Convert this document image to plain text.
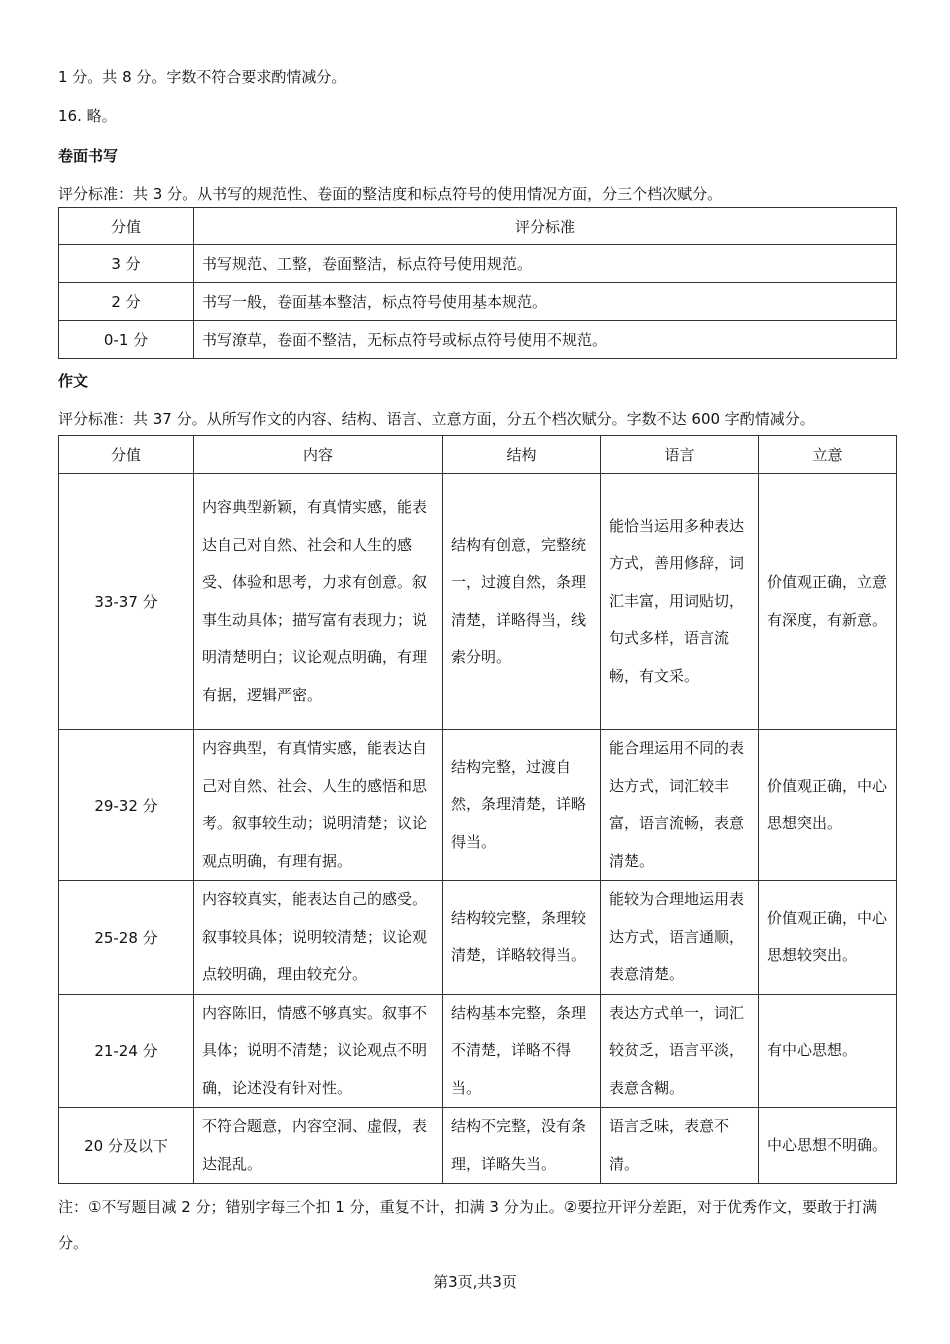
1 分。共 8 分。字数不符合要求酌情减分。
16. 略。
卷面书写
评分标准：共 3 分。从书写的规范性、卷面的整洁度和标点符号的使用情况方面，分三个档次赋分。
分值	评分标准
3 分	书写规范、工整，卷面整洁，标点符号使用规范。
2 分	书写一般，卷面基本整洁，标点符号使用基本规范。
0-1 分	书写潦草，卷面不整洁，无标点符号或标点符号使用不规范。
作文
评分标准：共 37 分。从所写作文的内容、结构、语言、立意方面，分五个档次赋分。字数不达 600 字酌情减分。
分值	内容	结构	语言	立意
33-37 分	内容典型新颖，有真情实感，能表达自己对自然、社会和人生的感受、体验和思考，力求有创意。叙事生动具体；描写富有表现力；说明清楚明白；议论观点明确，有理有据，逻辑严密。	结构有创意，完整统一，过渡自然，条理清楚，详略得当，线索分明。	能恰当运用多种表达方式，善用修辞，词汇丰富，用词贴切，句式多样，语言流畅，有文采。	价值观正确，立意有深度，有新意。
29-32 分	内容典型，有真情实感，能表达自己对自然、社会、人生的感悟和思考。叙事较生动；说明清楚；议论观点明确，有理有据。	结构完整，过渡自然，条理清楚，详略得当。	能合理运用不同的表达方式，词汇较丰富，语言流畅，表意清楚。	价值观正确，中心思想突出。
25-28 分	内容较真实，能表达自己的感受。叙事较具体；说明较清楚；议论观点较明确，理由较充分。	结构较完整，条理较清楚，详略较得当。	能较为合理地运用表达方式，语言通顺，表意清楚。	价值观正确，中心思想较突出。
21-24 分	内容陈旧，情感不够真实。叙事不具体；说明不清楚；议论观点不明确，论述没有针对性。	结构基本完整，条理不清楚，详略不得当。	表达方式单一，词汇较贫乏，语言平淡，表意含糊。	有中心思想。
20 分及以下	不符合题意，内容空洞、虚假，表达混乱。	结构不完整，没有条理，详略失当。	语言乏味，表意不清。	中心思想不明确。
注：①不写题目减 2 分；错别字每三个扣 1 分，重复不计，扣满 3 分为止。②要拉开评分差距，对于优秀作文，要敢于打满分。
第3页,共3页
